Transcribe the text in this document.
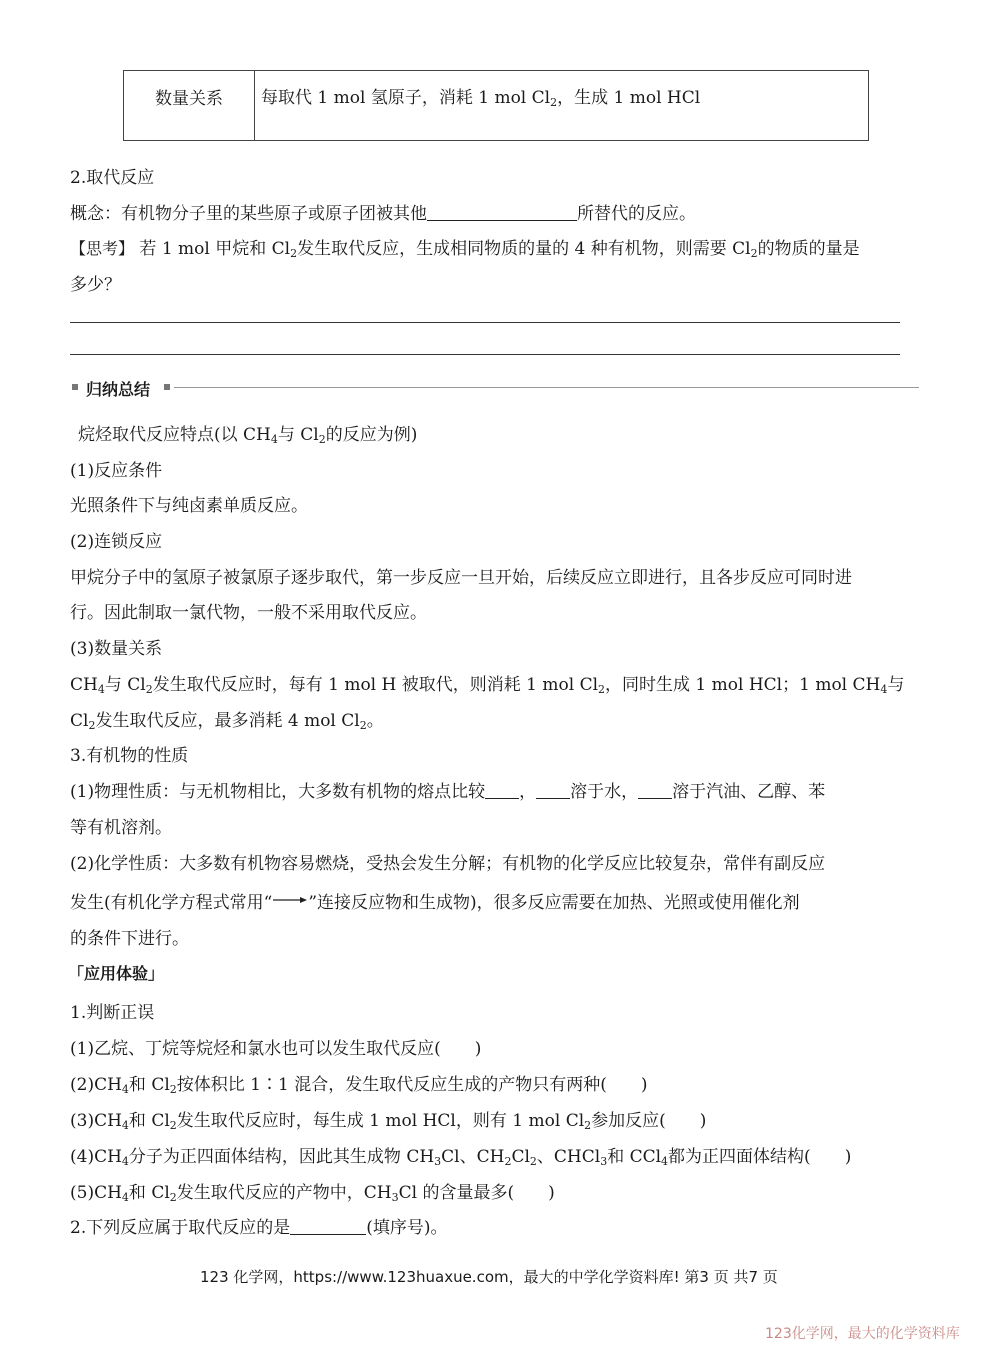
数量关系	每取代 1 mol 氢原子，消耗 1 mol $Cl_2$，生成 1 mol HCl
2.取代反应
概念：有机物分子里的某些原子或原子团被其他	所替代的反应。
【思考】 若 1 mol 甲烷和 $Cl_2$发生取代反应，生成相同物质的量的 4 种有机物，则需要 $Cl_2$的物质的量是
多少？
归纳总结
烷烃取代反应特点(以 $CH_4$与 $Cl_2$的反应为例)
(1)反应条件
光照条件下与纯卤素单质反应。
(2)连锁反应
甲烷分子中的氢原子被氯原子逐步取代，第一步反应一旦开始，后续反应立即进行，且各步反应可同时进
行。因此制取一氯代物，一般不采用取代反应。
(3)数量关系
$CH_4$与 $Cl_2$发生取代反应时，每有 1 mol H 被取代，则消耗 1 mol $Cl_2$，同时生成 1 mol HCl；1 mol $CH_4$与
$Cl_2$发生取代反应，最多消耗 4 mol $Cl_2$。
3.有机物的性质
(1)物理性质：与无机物相比，大多数有机物的熔点比较 ， 溶于水， 溶于汽油、乙醇、苯
等有机溶剂。
(2)化学性质：大多数有机物容易燃烧，受热会发生分解；有机物的化学反应比较复杂，常伴有副反应
发生(有机化学方程式常用“ ”连接反应物和生成物)，很多反应需要在加热、光照或使用催化剂
的条件下进行。
「应用体验」
1.判断正误
(1)乙烷、丁烷等烷烃和氯水也可以发生取代反应( )
$(2)CH_4$和 $Cl_2$按体积比 1∶1 混合，发生取代反应生成的产物只有两种( )
$(3)CH_4$和 $Cl_2$发生取代反应时，每生成 1 mol HCl，则有 1 mol $Cl_2$参加反应( )
$(4)CH_4$分子为正四面体结构，因此其生成物 $CH_3Cl$、$CH_2Cl_2$、CHCl$_3$和 CCl$_4$都为正四面体结构( )
$(5)CH_4$和 $Cl_2$发生取代反应的产物中，$CH_3Cl$ 的含量最多( )
2.下列反应属于取代反应的是	(填序号)。
123 化学网，https://www.123huaxue.com，最大的中学化学资料库! 第3 页 共7 页
123化学网，最大的化学资料库
